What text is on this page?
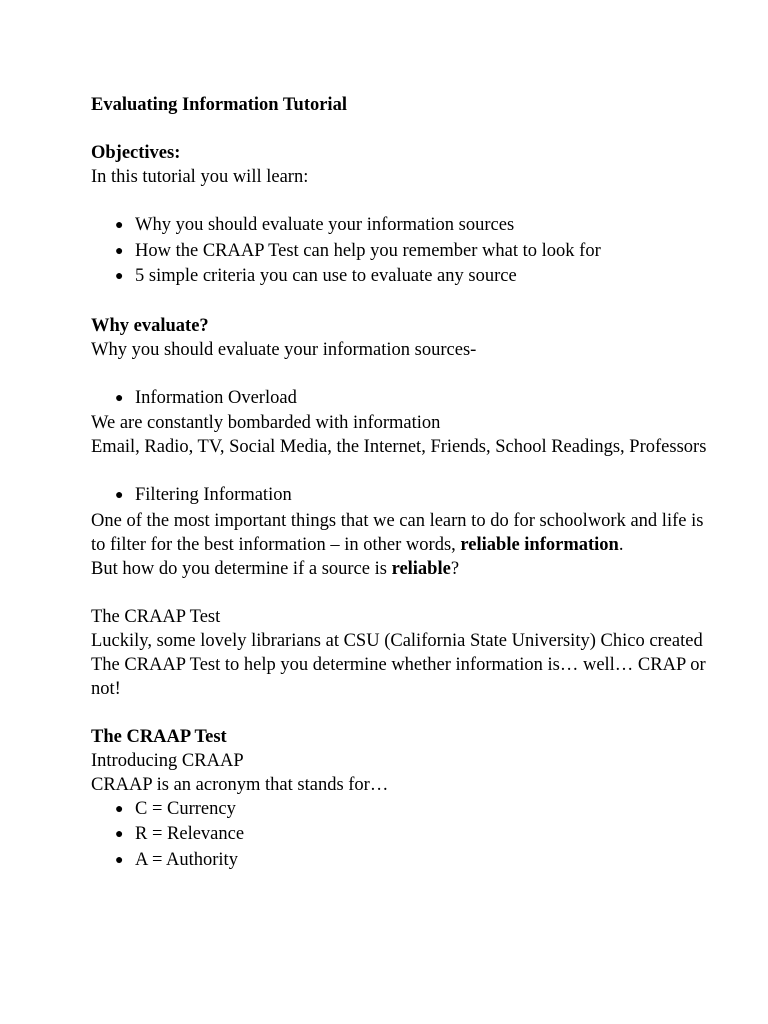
Evaluating Information Tutorial
Objectives:
In this tutorial you will learn:
● Why you should evaluate your information sources
● How the CRAAP Test can help you remember what to look for
● 5 simple criteria you can use to evaluate any source
Why evaluate?
Why you should evaluate your information sources-
● Information Overload
We are constantly bombarded with information
Email, Radio, TV, Social Media, the Internet, Friends, School Readings, Professors
● Filtering Information
One of the most important things that we can learn to do for schoolwork and life is to filter for the best information – in other words, reliable information.
But how do you determine if a source is reliable?
The CRAAP Test
Luckily, some lovely librarians at CSU (California State University) Chico created The CRAAP Test to help you determine whether information is… well… CRAP or not!
The CRAAP Test
Introducing CRAAP
CRAAP is an acronym that stands for…
● C = Currency
● R = Relevance
● A = Authority
